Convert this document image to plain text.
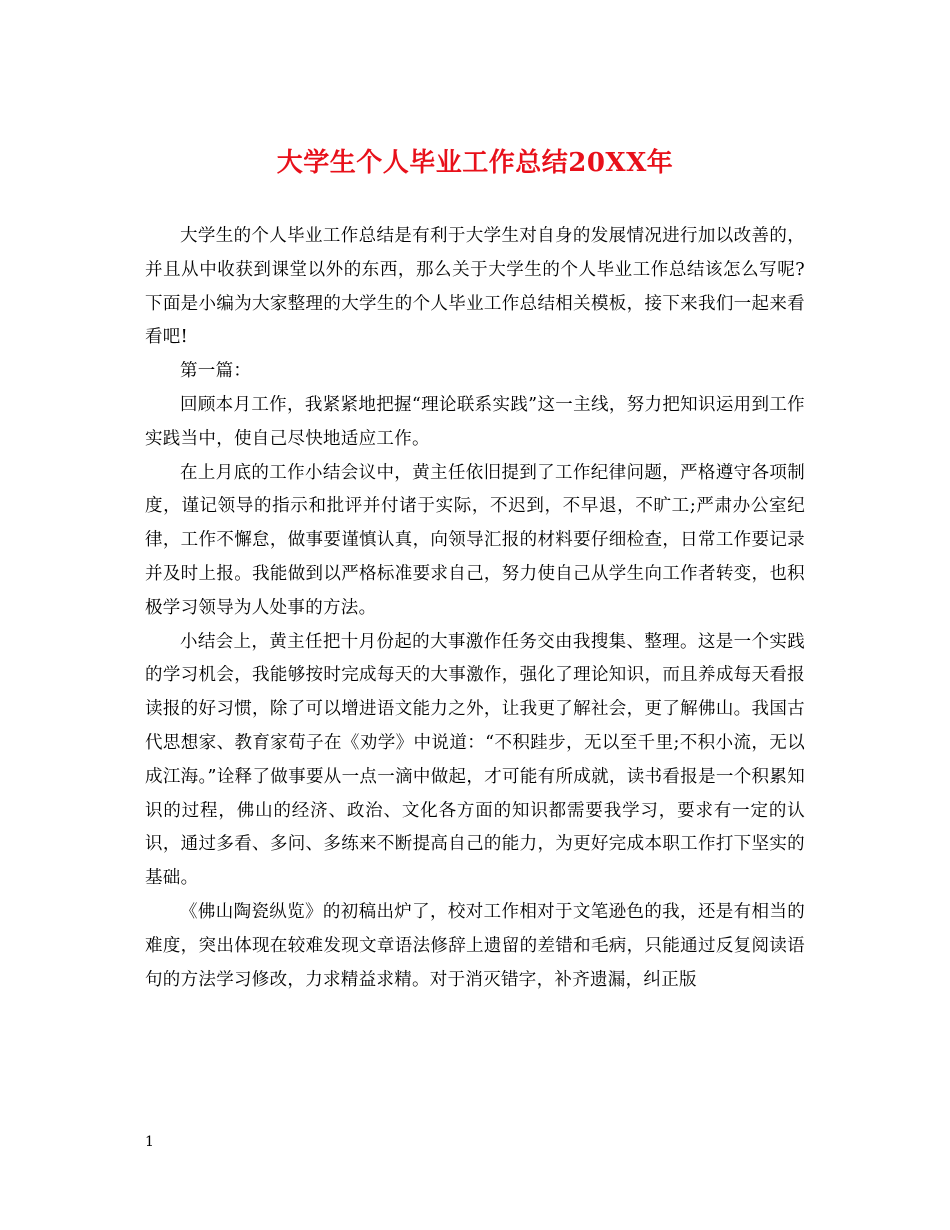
大学生个人毕业工作总结20XX年

大学生的个人毕业工作总结是有利于大学生对自身的发展情况进行加以改善的，并且从中收获到课堂以外的东西，那么关于大学生的个人毕业工作总结该怎么写呢?下面是小编为大家整理的大学生的个人毕业工作总结相关模板，接下来我们一起来看看吧!

第一篇：

回顾本月工作，我紧紧地把握“理论联系实践”这一主线，努力把知识运用到工作实践当中，使自己尽快地适应工作。

在上月底的工作小结会议中，黄主任依旧提到了工作纪律问题，严格遵守各项制度，谨记领导的指示和批评并付诸于实际，不迟到，不早退，不旷工;严肃办公室纪律，工作不懈怠，做事要谨慎认真，向领导汇报的材料要仔细检查，日常工作要记录并及时上报。我能做到以严格标准要求自己，努力使自己从学生向工作者转变，也积极学习领导为人处事的方法。

小结会上，黄主任把十月份起的大事激作任务交由我搜集、整理。这是一个实践的学习机会，我能够按时完成每天的大事激作，强化了理论知识，而且养成每天看报读报的好习惯，除了可以增进语文能力之外，让我更了解社会，更了解佛山。我国古代思想家、教育家荀子在《劝学》中说道：“不积跬步，无以至千里;不积小流，无以成江海。”诠释了做事要从一点一滴中做起，才可能有所成就，读书看报是一个积累知识的过程，佛山的经济、政治、文化各方面的知识都需要我学习，要求有一定的认识，通过多看、多问、多练来不断提高自己的能力，为更好完成本职工作打下坚实的基础。

《佛山陶瓷纵览》的初稿出炉了，校对工作相对于文笔逊色的我，还是有相当的难度，突出体现在较难发现文章语法修辞上遗留的差错和毛病，只能通过反复阅读语句的方法学习修改，力求精益求精。对于消灭错字，补齐遗漏，纠正版

1
